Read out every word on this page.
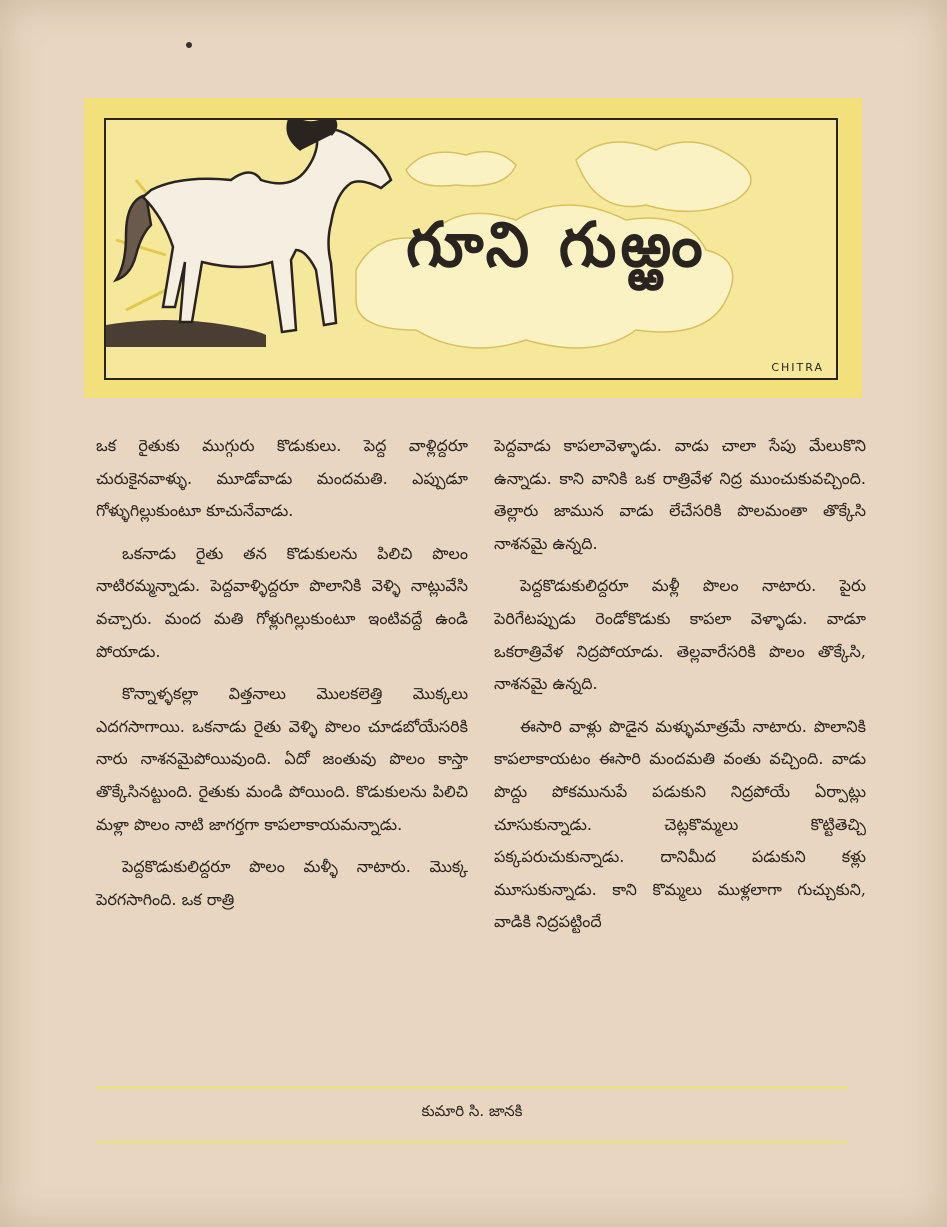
గూని గుఱ్ఱం
CHITRA

ఒక రైతుకు ముగ్గురు కొడుకులు. పెద్ద వాళ్లిద్దరూ చురుకైనవాళ్ళు. మూడోవాడు మందమతి. ఎప్పుడూ గోళ్ళుగిల్లుకుంటూ కూచునేవాడు.

ఒకనాడు రైతు తన కొడుకులను పిలిచి పొలం నాటిరమ్మన్నాడు. పెద్దవాళ్ళిద్దరూ పొలానికి వెళ్ళి నాట్లువేసి వచ్చారు. మంద మతి గోళ్లుగిల్లుకుంటూ ఇంటివద్దే ఉండి పోయాడు.

కొన్నాళ్ళకల్లా విత్తనాలు మొలకలెత్తి మొక్కలు ఎదగసాగాయి. ఒకనాడు రైతు వెళ్ళి పొలం చూడబోయేసరికి నారు నాశనమైపోయివుంది. ఏదో జంతువు పొలం కాస్తా తొక్కేసినట్టుంది. రైతుకు మండి పోయింది. కొడుకులను పిలిచి మళ్లా పొలం నాటి జాగర్తగా కాపలాకాయమన్నాడు.

పెద్దకొడుకులిద్దరూ పొలం మళ్ళీ నాటారు. మొక్క పెరగసాగింది. ఒక రాత్రి

పెద్దవాడు కాపలావెళ్ళాడు. వాడు చాలా సేపు మేలుకొని ఉన్నాడు. కాని వానికి ఒక రాత్రివేళ నిద్ర ముంచుకువచ్చింది. తెల్లారు జామున వాడు లేచేసరికి పొలమంతా తొక్కేసి నాశనమై ఉన్నది.

పెద్దకొడుకులిద్దరూ మళ్లీ పొలం నాటారు. పైరు పెరిగేటప్పుడు రెండోకొడుకు కాపలా వెళ్ళాడు. వాడూ ఒకరాత్రివేళ నిద్రపోయాడు. తెల్లవారేసరికి పొలం తొక్కేసి, నాశనమై ఉన్నది.

ఈసారి వాళ్లు పొడైన మళ్ళుమాత్రమే నాటారు. పొలానికి కాపలాకాయటం ఈసారి మందమతి వంతు వచ్చింది. వాడు పొద్దు పోకమునుపే పడుకుని నిద్రపోయే ఏర్పాట్లు చూసుకున్నాడు. చెట్లకొమ్మలు కొట్టితెచ్చి పక్కపరుచుకున్నాడు. దానిమీద పడుకుని కళ్లు మూసుకున్నాడు. కాని కొమ్మలు ముళ్లలాగా గుచ్చుకుని, వాడికి నిద్రపట్టిందే

కుమారి సి. జానకి
